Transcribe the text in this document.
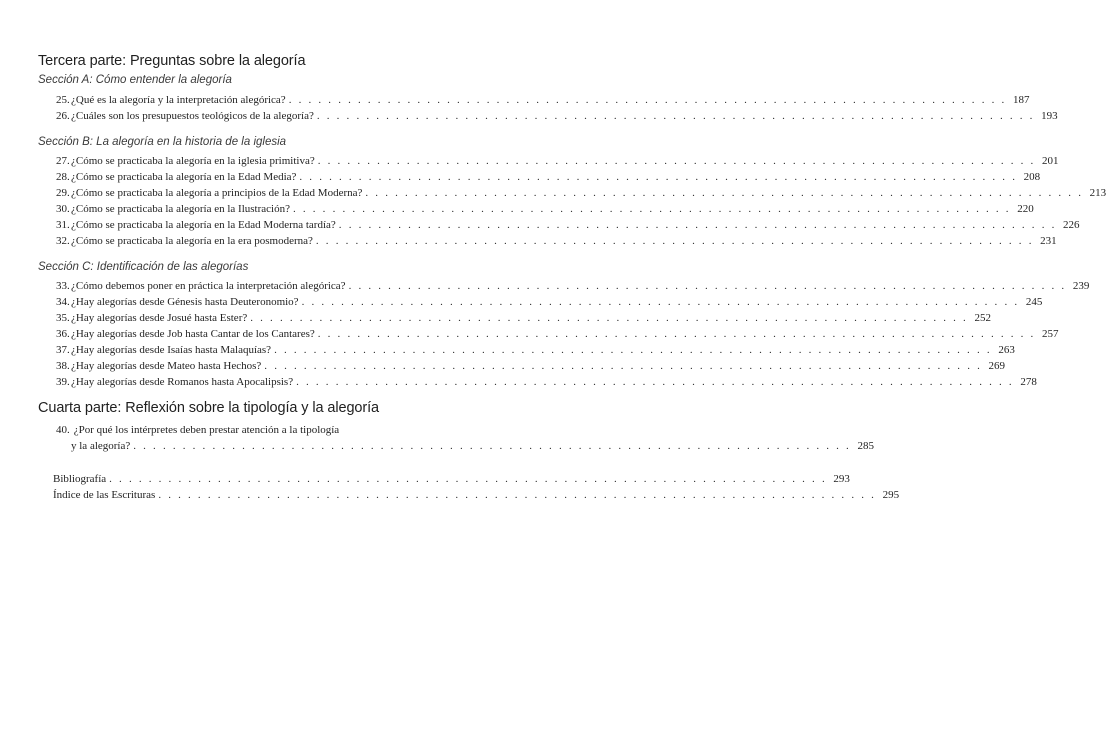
Tercera parte: Preguntas sobre la alegoría
Sección A: Cómo entender la alegoría
25. ¿Qué es la alegoría y la interpretación alegórica? . . . . . . . . . . . . . . . . . . . . . . . . . . . . . . . . . . . . . . . . . . . . . . . . . . . . . . . . . . . . . . . . . . . . . . . . . 187
26. ¿Cuáles son los presupuestos teológicos de la alegoría? . . . . . . . . . . . . . . . . . . . . . . . . . . . . . . . . . . . . . . . . . . . . . . . . . . . . . . . . . . . . . . . . . . . . . . . . . 193
Sección B: La alegoría en la historia de la iglesia
27. ¿Cómo se practicaba la alegoría en la iglesia primitiva? . . . . . . . . . . . . . . . . . . . . . . . . . . . . . . . . . . . . . . . . . . . . . . . . . . . . . . . . . . . . . . . . . . . . . . . . . 201
28. ¿Cómo se practicaba la alegoría en la Edad Media? . . . . . . . . . . . . . . . . . . . . . . . . . . . . . . . . . . . . . . . . . . . . . . . . . . . . . . . . . . . . . . . . . . . . . . . . . 208
29. ¿Cómo se practicaba la alegoría a principios de la Edad Moderna? . . . . . . . . . . . . . . . . . . . . . . . . . . . . . . . . . . . . . . . . . . . . . . . . . . . . . . . . . . . . . . . . . . . . . . . . . 213
30. ¿Cómo se practicaba la alegoría en la Ilustración? . . . . . . . . . . . . . . . . . . . . . . . . . . . . . . . . . . . . . . . . . . . . . . . . . . . . . . . . . . . . . . . . . . . . . . . . . 220
31. ¿Cómo se practicaba la alegoría en la Edad Moderna tardía? . . . . . . . . . . . . . . . . . . . . . . . . . . . . . . . . . . . . . . . . . . . . . . . . . . . . . . . . . . . . . . . . . . . . . . . . . 226
32. ¿Cómo se practicaba la alegoría en la era posmoderna? . . . . . . . . . . . . . . . . . . . . . . . . . . . . . . . . . . . . . . . . . . . . . . . . . . . . . . . . . . . . . . . . . . . . . . . . . 231
Sección C: Identificación de las alegorías
33. ¿Cómo debemos poner en práctica la interpretación alegórica? . . . . . . . . . . . . . . . . . . . . . . . . . . . . . . . . . . . . . . . . . . . . . . . . . . . . . . . . . . . . . . . . . . . . . . . . . 239
34. ¿Hay alegorías desde Génesis hasta Deuteronomio? . . . . . . . . . . . . . . . . . . . . . . . . . . . . . . . . . . . . . . . . . . . . . . . . . . . . . . . . . . . . . . . . . . . . . . . . . 245
35. ¿Hay alegorías desde Josué hasta Ester? . . . . . . . . . . . . . . . . . . . . . . . . . . . . . . . . . . . . . . . . . . . . . . . . . . . . . . . . . . . . . . . . . . . . . . . . . 252
36. ¿Hay alegorías desde Job hasta Cantar de los Cantares? . . . . . . . . . . . . . . . . . . . . . . . . . . . . . . . . . . . . . . . . . . . . . . . . . . . . . . . . . . . . . . . . . . . . . . . . . 257
37. ¿Hay alegorías desde Isaías hasta Malaquías? . . . . . . . . . . . . . . . . . . . . . . . . . . . . . . . . . . . . . . . . . . . . . . . . . . . . . . . . . . . . . . . . . . . . . . . . . 263
38. ¿Hay alegorías desde Mateo hasta Hechos? . . . . . . . . . . . . . . . . . . . . . . . . . . . . . . . . . . . . . . . . . . . . . . . . . . . . . . . . . . . . . . . . . . . . . . . . . 269
39. ¿Hay alegorías desde Romanos hasta Apocalipsis? . . . . . . . . . . . . . . . . . . . . . . . . . . . . . . . . . . . . . . . . . . . . . . . . . . . . . . . . . . . . . . . . . . . . . . . . . 278
Cuarta parte: Reflexión sobre la tipología y la alegoría
40. ¿Por qué los intérpretes deben prestar atención a la tipología
y la alegoría? . . . . . . . . . . . . . . . . . . . . . . . . . . . . . . . . . . . . . . . . . . . . . . . . . . . . . . . . . . . . . . . . . . . . . . . . . 285
Bibliografía . . . . . . . . . . . . . . . . . . . . . . . . . . . . . . . . . . . . . . . . . . . . . . . . . . . . . . . . . . . . . . . . . . . . . . . . . 293
Índice de las Escrituras . . . . . . . . . . . . . . . . . . . . . . . . . . . . . . . . . . . . . . . . . . . . . . . . . . . . . . . . . . . . . . . . . . . . . . . . . 295
